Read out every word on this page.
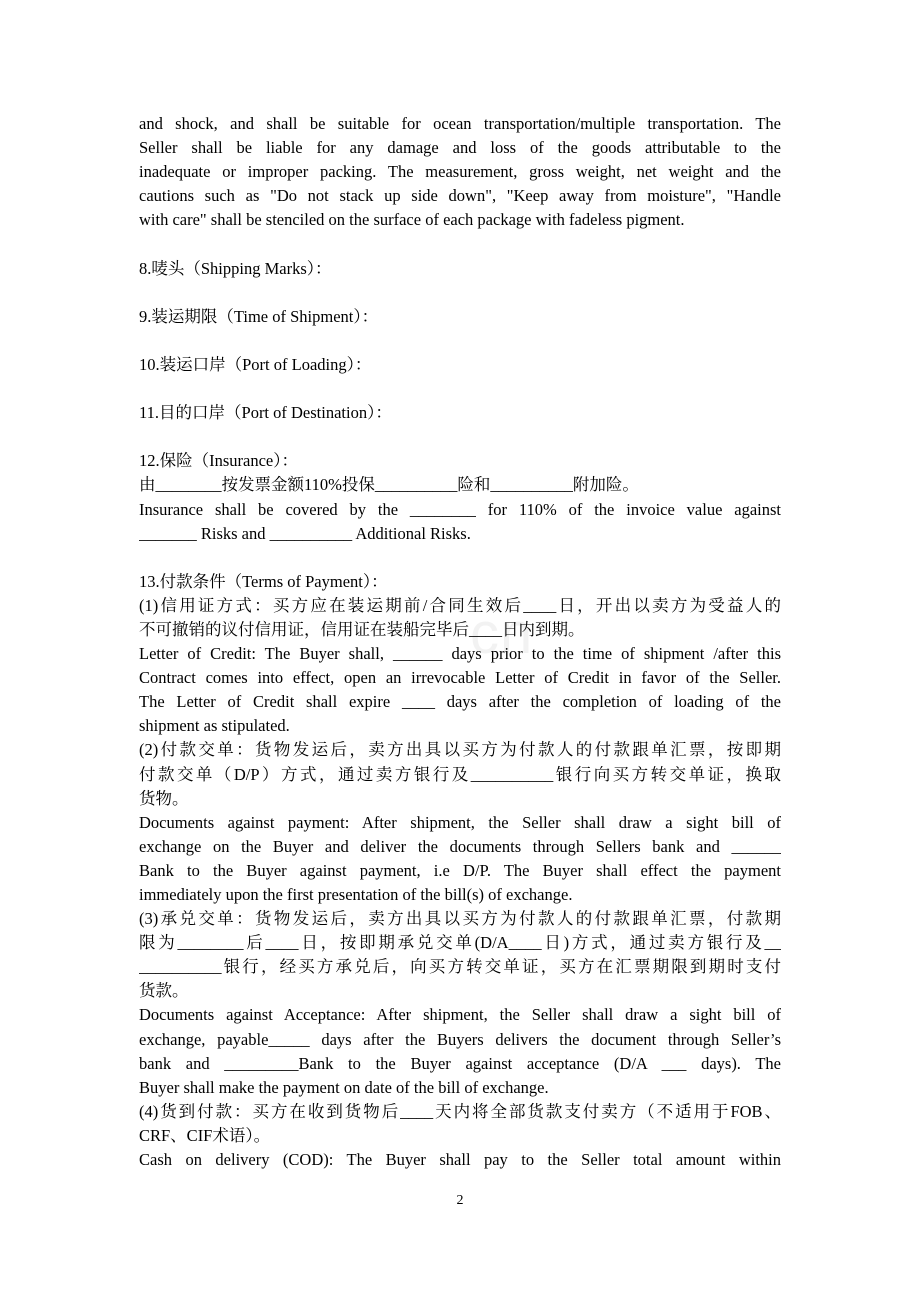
cn
and shock, and shall be suitable for ocean transportation/multiple transportation. The
Seller shall be liable for any damage and loss of the goods attributable to the
inadequate or improper packing. The measurement, gross weight, net weight and the
cautions such as "Do not stack up side down", "Keep away from moisture", "Handle
with care" shall be stenciled on the surface of each package with fadeless pigment.
8.唛头（Shipping Marks）：
9.装运期限（Time of Shipment）：
10.装运口岸（Port of Loading）：
11.目的口岸（Port of Destination）：
12.保险（Insurance）：
由________按发票金额110%投保__________险和__________附加险。
Insurance shall be covered by the ________ for 110% of the invoice value against
_______ Risks and __________ Additional Risks.
13.付款条件（Terms of Payment）：
(1)信用证方式：买方应在装运期前/合同生效后____日，开出以卖方为受益人的
不可撤销的议付信用证，信用证在装船完毕后____日内到期。
Letter of Credit: The Buyer shall, ______ days prior to the time of shipment /after this
Contract comes into effect, open an irrevocable Letter of Credit in favor of the Seller.
The Letter of Credit shall expire ____ days after the completion of loading of the
shipment as stipulated.
(2)付款交单：货物发运后，卖方出具以买方为付款人的付款跟单汇票，按即期
付款交单（D/P）方式，通过卖方银行及__________银行向买方转交单证，换取
货物。
Documents against payment: After shipment, the Seller shall draw a sight bill of
exchange on the Buyer and deliver the documents through Sellers bank and ______
Bank to the Buyer against payment, i.e D/P. The Buyer shall effect the payment
immediately upon the first presentation of the bill(s) of exchange.
(3)承兑交单：货物发运后，卖方出具以买方为付款人的付款跟单汇票，付款期
限为________后____日，按即期承兑交单(D/A____日)方式，通过卖方银行及__
__________银行，经买方承兑后，向买方转交单证，买方在汇票期限到期时支付
货款。
Documents against Acceptance: After shipment, the Seller shall draw a sight bill of
exchange, payable_____ days after the Buyers delivers the document through Seller’s
bank and _________Bank to the Buyer against acceptance (D/A ___ days). The
Buyer shall make the payment on date of the bill of exchange.
(4)货到付款：买方在收到货物后____天内将全部货款支付卖方（不适用于FOB、
CRF、CIF术语）。
Cash on delivery (COD): The Buyer shall pay to the Seller total amount within
2
